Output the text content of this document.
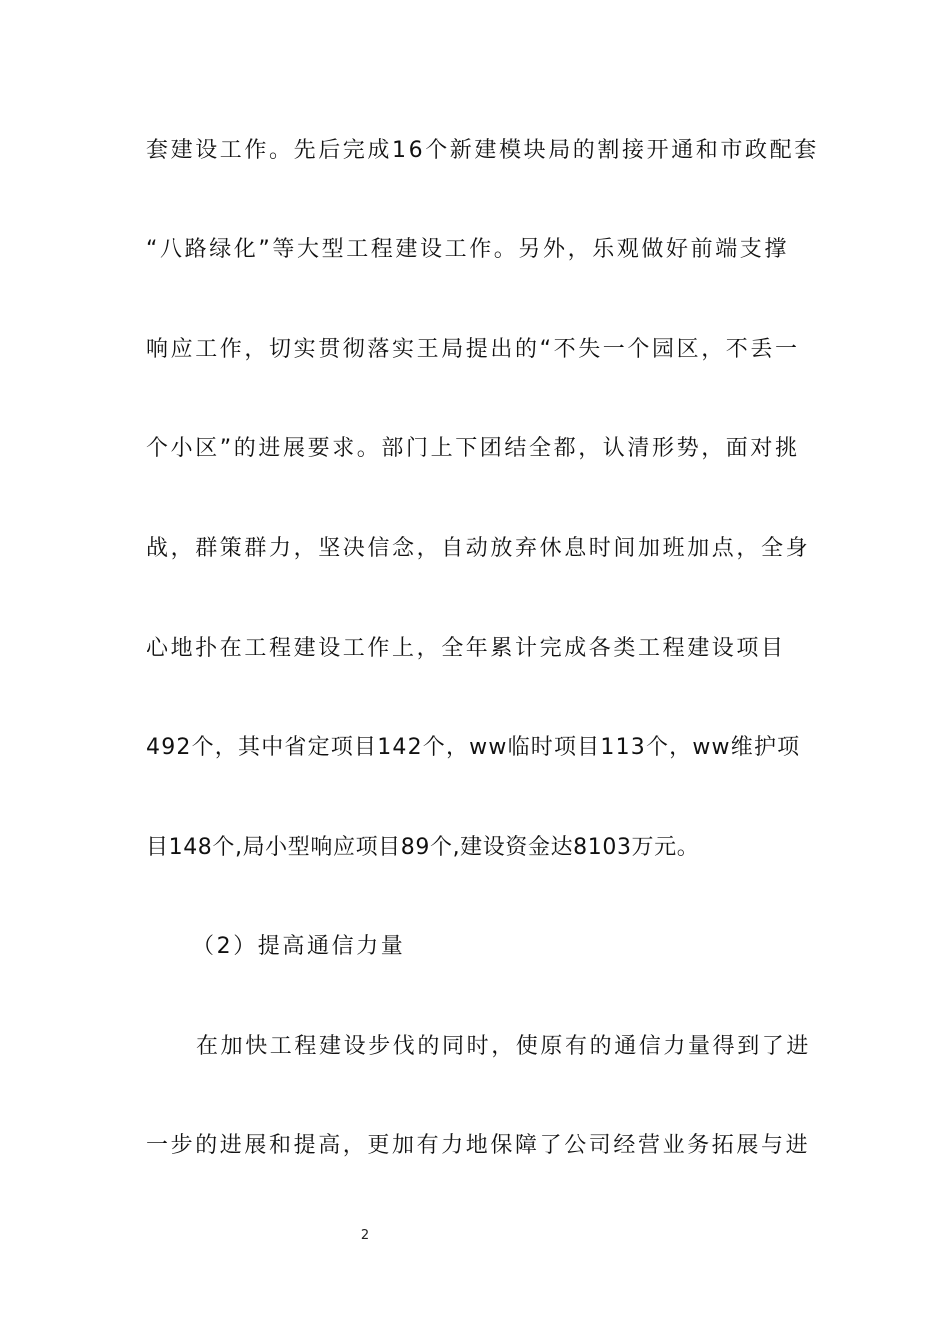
套建设工作。先后完成16个新建模块局的割接开通和市政配套
“八路绿化”等大型工程建设工作。另外，乐观做好前端支撑
响应工作，切实贯彻落实王局提出的“不失一个园区，不丢一
个小区”的进展要求。部门上下团结全都，认清形势，面对挑
战，群策群力，坚决信念，自动放弃休息时间加班加点，全身
心地扑在工程建设工作上，全年累计完成各类工程建设项目
492个，其中省定项目142个，ww临时项目113个，ww维护项
目148个,局小型响应项目89个,建设资金达8103万元。
（2）提高通信力量
在加快工程建设步伐的同时，使原有的通信力量得到了进
一步的进展和提高，更加有力地保障了公司经营业务拓展与进
2
